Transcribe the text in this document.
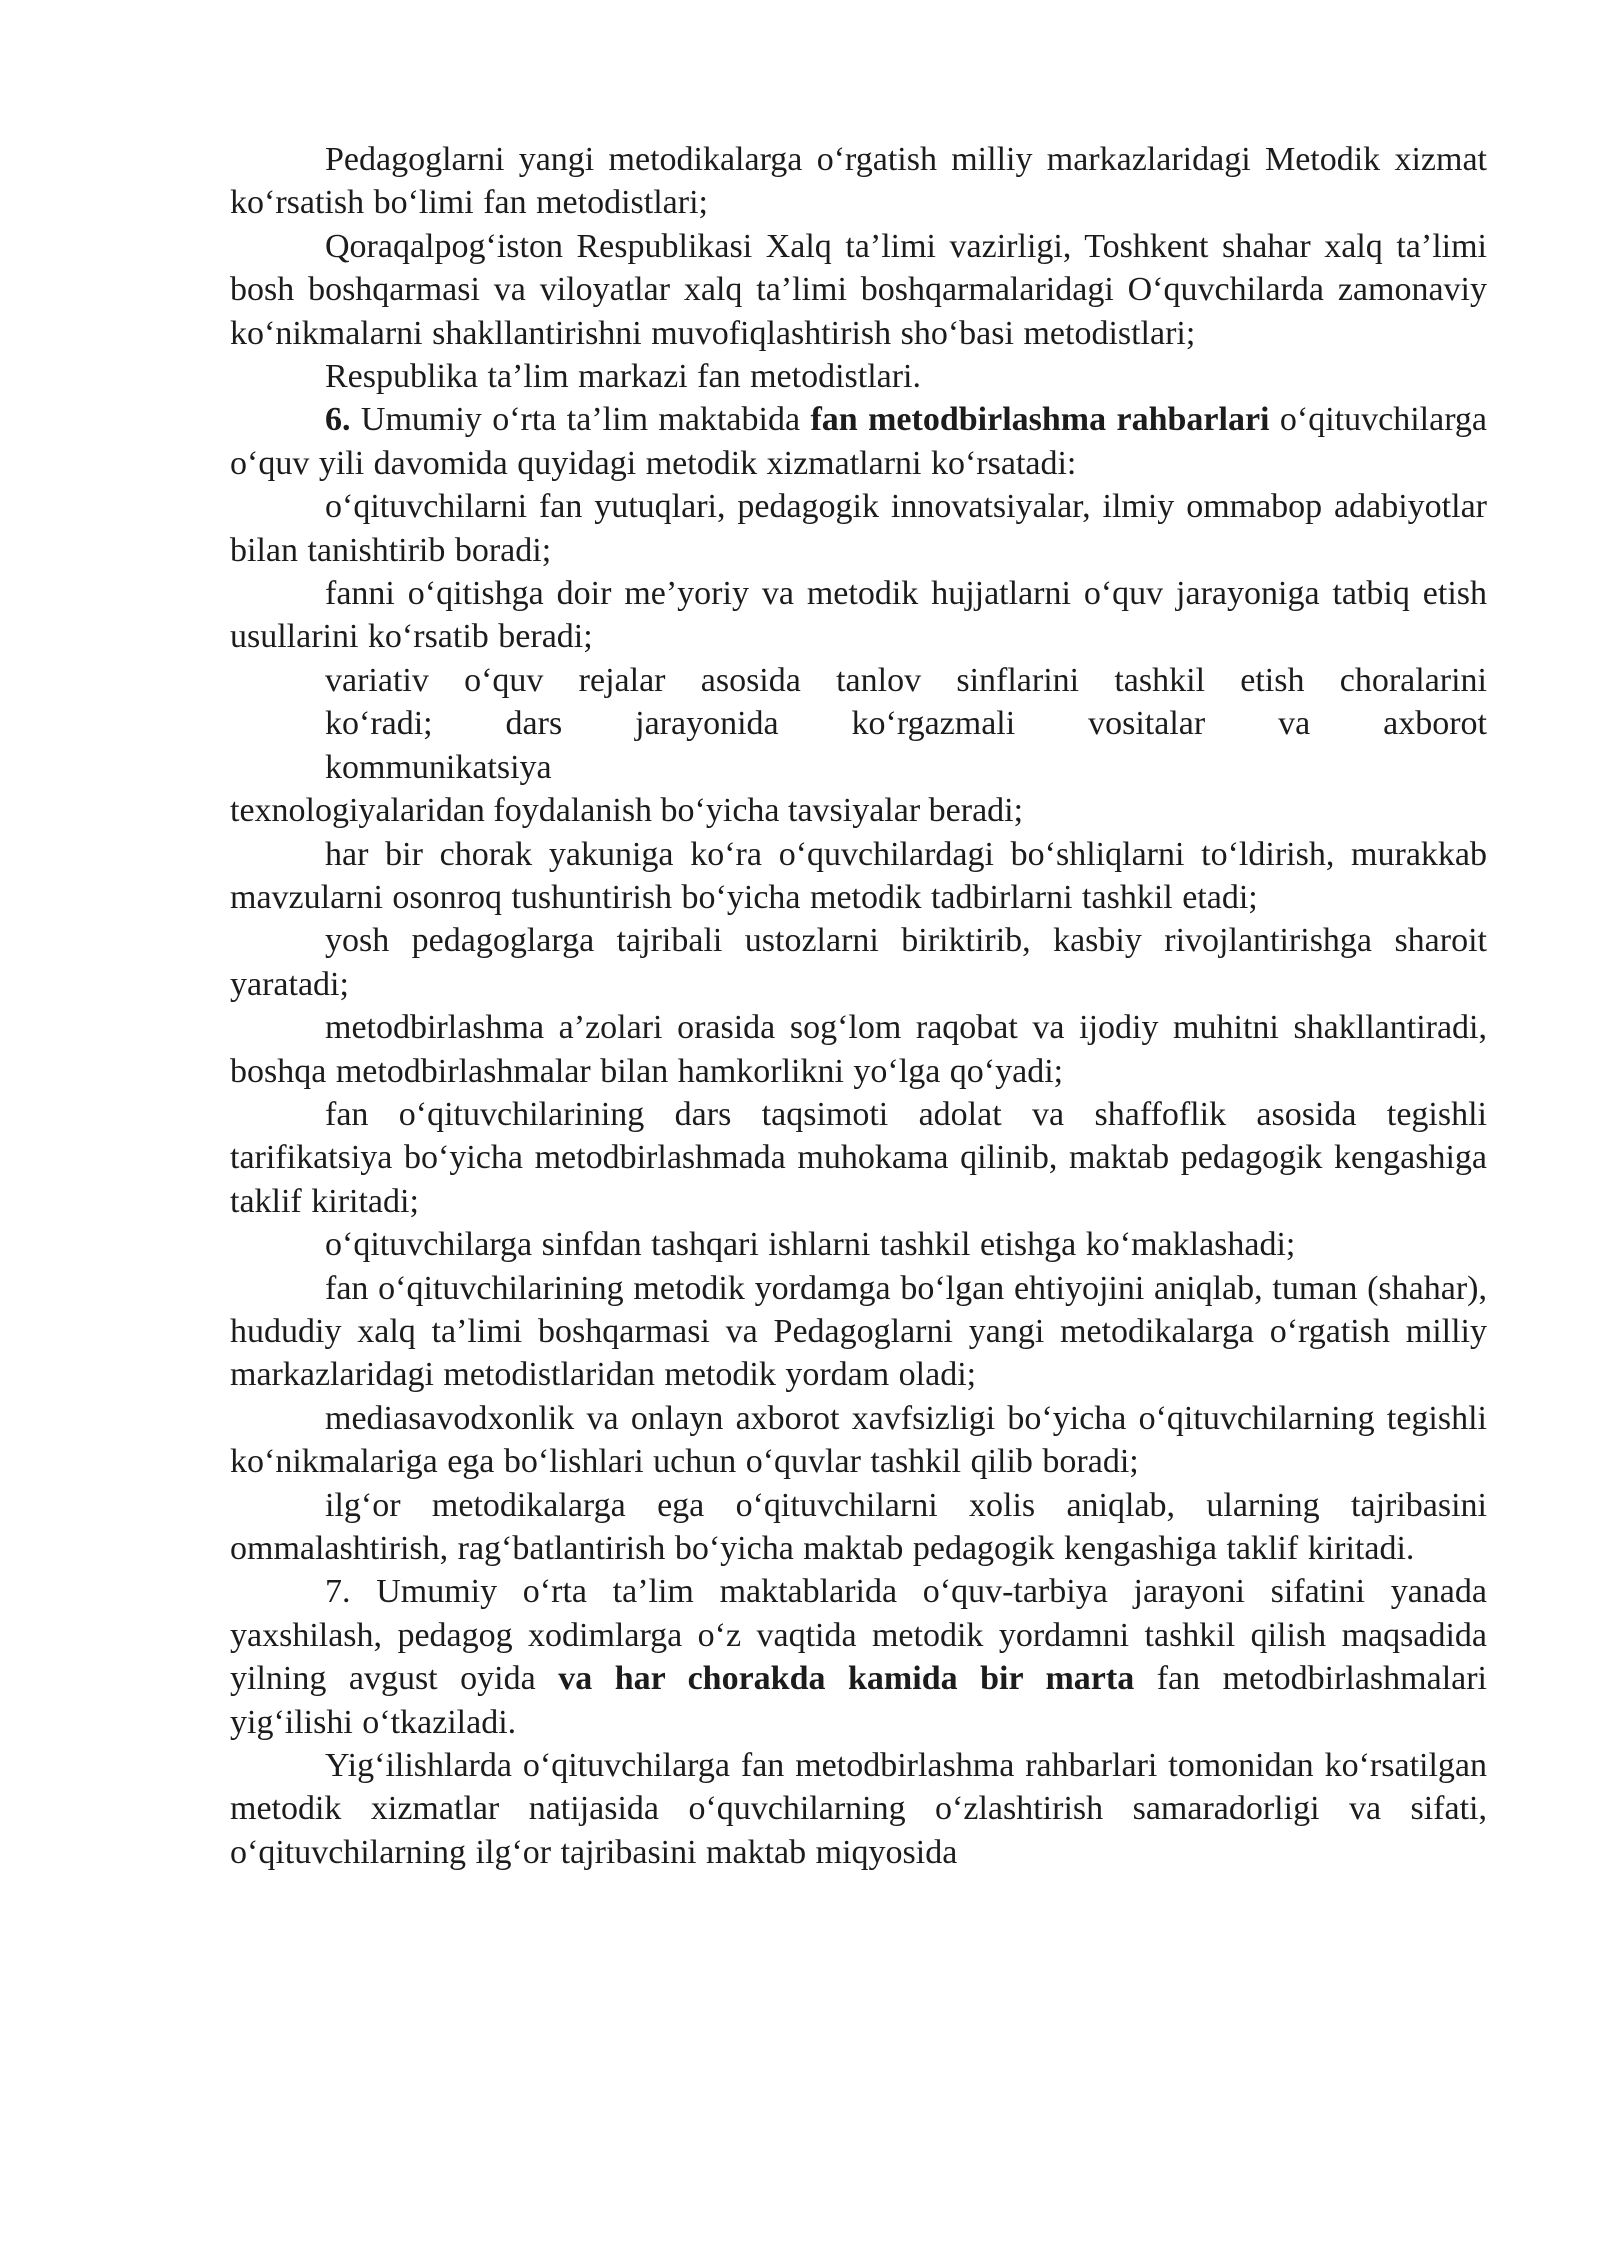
Pedagoglarni yangi metodikalarga o‘rgatish milliy markazlaridagi Metodik xizmat ko‘rsatish bo‘limi fan metodistlari;

Qoraqalpog‘iston Respublikasi Xalq ta’limi vazirligi, Toshkent shahar xalq ta’limi bosh boshqarmasi va viloyatlar xalq ta’limi boshqarmalaridagi O‘quvchilarda zamonaviy ko‘nikmalarni shakllantirishni muvofiqlashtirish sho‘basi metodistlari;

Respublika ta’lim markazi fan metodistlari.

6. Umumiy o‘rta ta’lim maktabida fan metodbirlashma rahbarlari o‘qituvchilarga o‘quv yili davomida quyidagi metodik xizmatlarni ko‘rsatadi:

o‘qituvchilarni fan yutuqlari, pedagogik innovatsiyalar, ilmiy ommabop adabiyotlar bilan tanishtirib boradi;

fanni o‘qitishga doir me’yoriy va metodik hujjatlarni o‘quv jarayoniga tatbiq etish usullarini ko‘rsatib beradi;

variativ o‘quv rejalar asosida tanlov sinflarini tashkil etish choralarini

ko‘radi; dars jarayonida ko‘rgazmali vositalar va axborot

kommunikatsiya

texnologiyalaridan foydalanish bo‘yicha tavsiyalar beradi;

har bir chorak yakuniga ko‘ra o‘quvchilardagi bo‘shliqlarni to‘ldirish, murakkab mavzularni osonroq tushuntirish bo‘yicha metodik tadbirlarni tashkil etadi;

yosh pedagoglarga tajribali ustozlarni biriktirib, kasbiy rivojlantirishga sharoit yaratadi;

metodbirlashma a’zolari orasida sog‘lom raqobat va ijodiy muhitni shakllantiradi, boshqa metodbirlashmalar bilan hamkorlikni yo‘lga qo‘yadi;

fan o‘qituvchilarining dars taqsimoti adolat va shaffoflik asosida tegishli tarifikatsiya bo‘yicha metodbirlashmada muhokama qilinib, maktab pedagogik kengashiga taklif kiritadi;

o‘qituvchilarga sinfdan tashqari ishlarni tashkil etishga ko‘maklashadi;

fan o‘qituvchilarining metodik yordamga bo‘lgan ehtiyojini aniqlab, tuman (shahar), hududiy xalq ta’limi boshqarmasi va Pedagoglarni yangi metodikalarga o‘rgatish milliy markazlaridagi metodistlaridan metodik yordam oladi;

mediasavodxonlik va onlayn axborot xavfsizligi bo‘yicha o‘qituvchilarning tegishli ko‘nikmalariga ega bo‘lishlari uchun o‘quvlar tashkil qilib boradi;

ilg‘or metodikalarga ega o‘qituvchilarni xolis aniqlab, ularning tajribasini ommalashtirish, rag‘batlantirish bo‘yicha maktab pedagogik kengashiga taklif kiritadi.

7. Umumiy o‘rta ta’lim maktablarida o‘quv-tarbiya jarayoni sifatini yanada yaxshilash, pedagog xodimlarga o‘z vaqtida metodik yordamni tashkil qilish maqsadida yilning avgust oyida va har chorakda kamida bir marta fan metodbirlashmalari yig‘ilishi o‘tkaziladi.

Yig‘ilishlarda o‘qituvchilarga fan metodbirlashma rahbarlari tomonidan ko‘rsatilgan metodik xizmatlar natijasida o‘quvchilarning o‘zlashtirish samaradorligi va sifati, o‘qituvchilarning ilg‘or tajribasini maktab miqyosida
